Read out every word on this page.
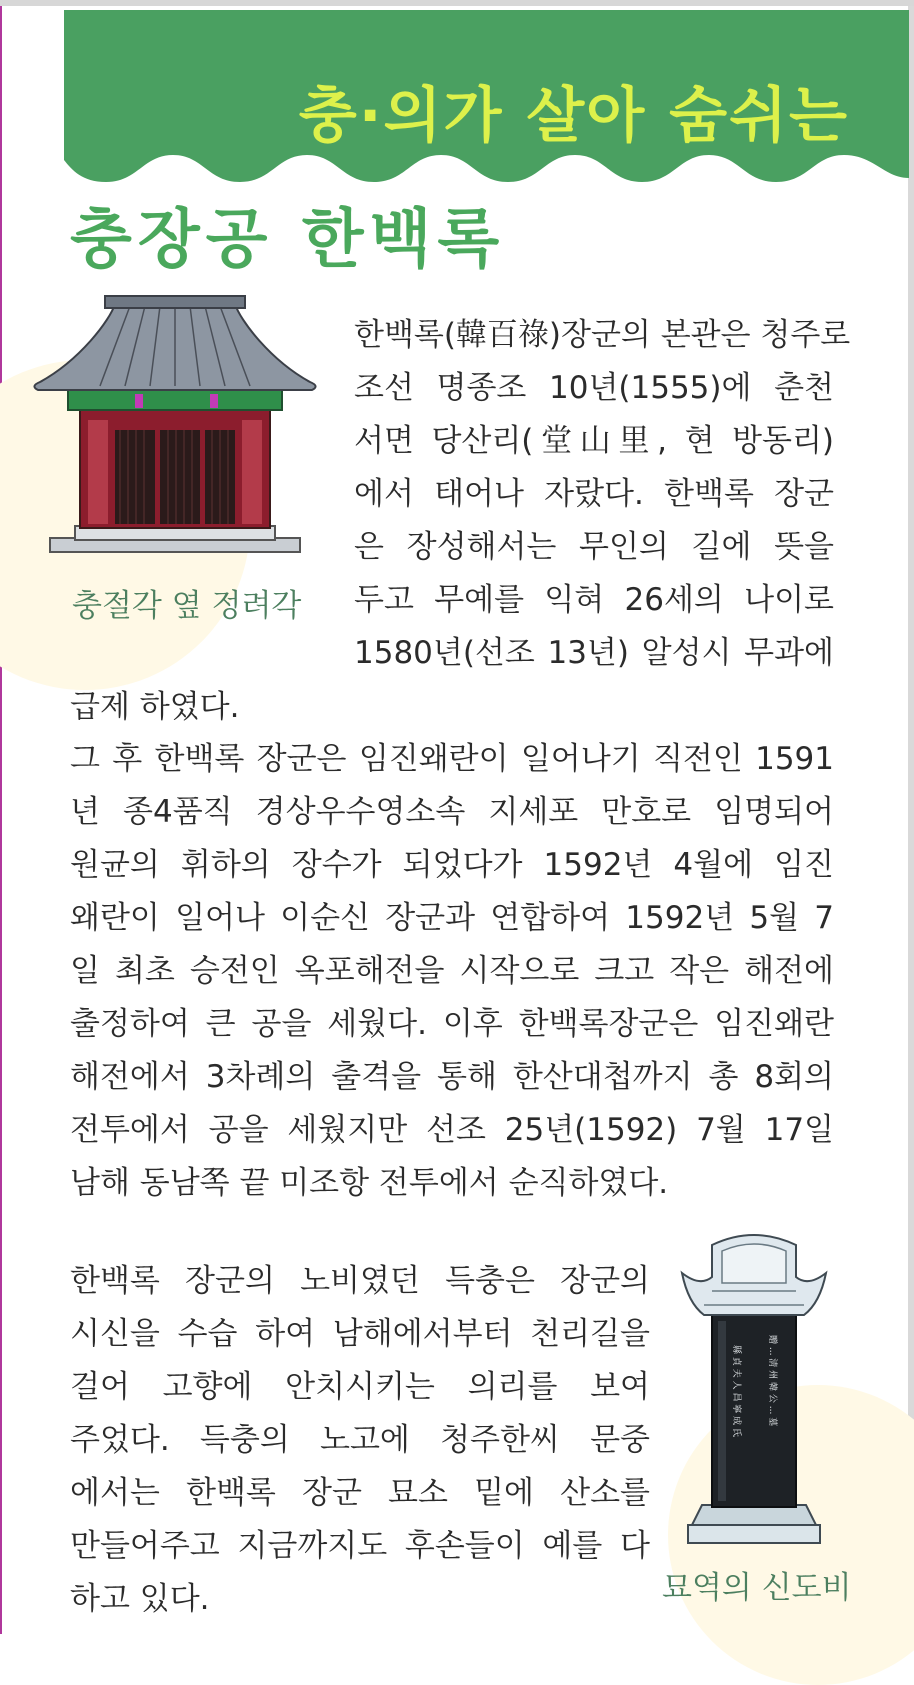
충·의가 살아 숨쉬는
충장공 한백록
충절각 옆 정려각
한백록(韓百祿)장군의 본관은 청주로
조선 명종조 10년(1555)에 춘천
서면 당산리(堂山里, 현 방동리)
에서 태어나 자랐다. 한백록 장군
은 장성해서는 무인의 길에 뜻을
두고 무예를 익혀 26세의 나이로
1580년(선조 13년) 알성시 무과에
급제 하였다.
그 후 한백록 장군은 임진왜란이 일어나기 직전인 1591
년 종4품직 경상우수영소속 지세포 만호로 임명되어
원균의 휘하의 장수가 되었다가 1592년 4월에 임진
왜란이 일어나 이순신 장군과 연합하여 1592년 5월 7
일 최초 승전인 옥포해전을 시작으로 크고 작은 해전에
출정하여 큰 공을 세웠다. 이후 한백록장군은 임진왜란
해전에서 3차례의 출격을 통해 한산대첩까지 총 8회의
전투에서 공을 세웠지만 선조 25년(1592) 7월 17일
남해 동남쪽 끝 미조항 전투에서 순직하였다.
한백록 장군의 노비였던 득충은 장군의
시신을 수습 하여 남해에서부터 천리길을
걸어 고향에 안치시키는 의리를 보여
주었다. 득충의 노고에 청주한씨 문중
에서는 한백록 장군 묘소 밑에 산소를
만들어주고 지금까지도 후손들이 예를 다
하고 있다.
縣 貞 夫 人 昌 寧 成 氏	贈 ... 淸 州 韓 公 ... 墓
묘역의 신도비
